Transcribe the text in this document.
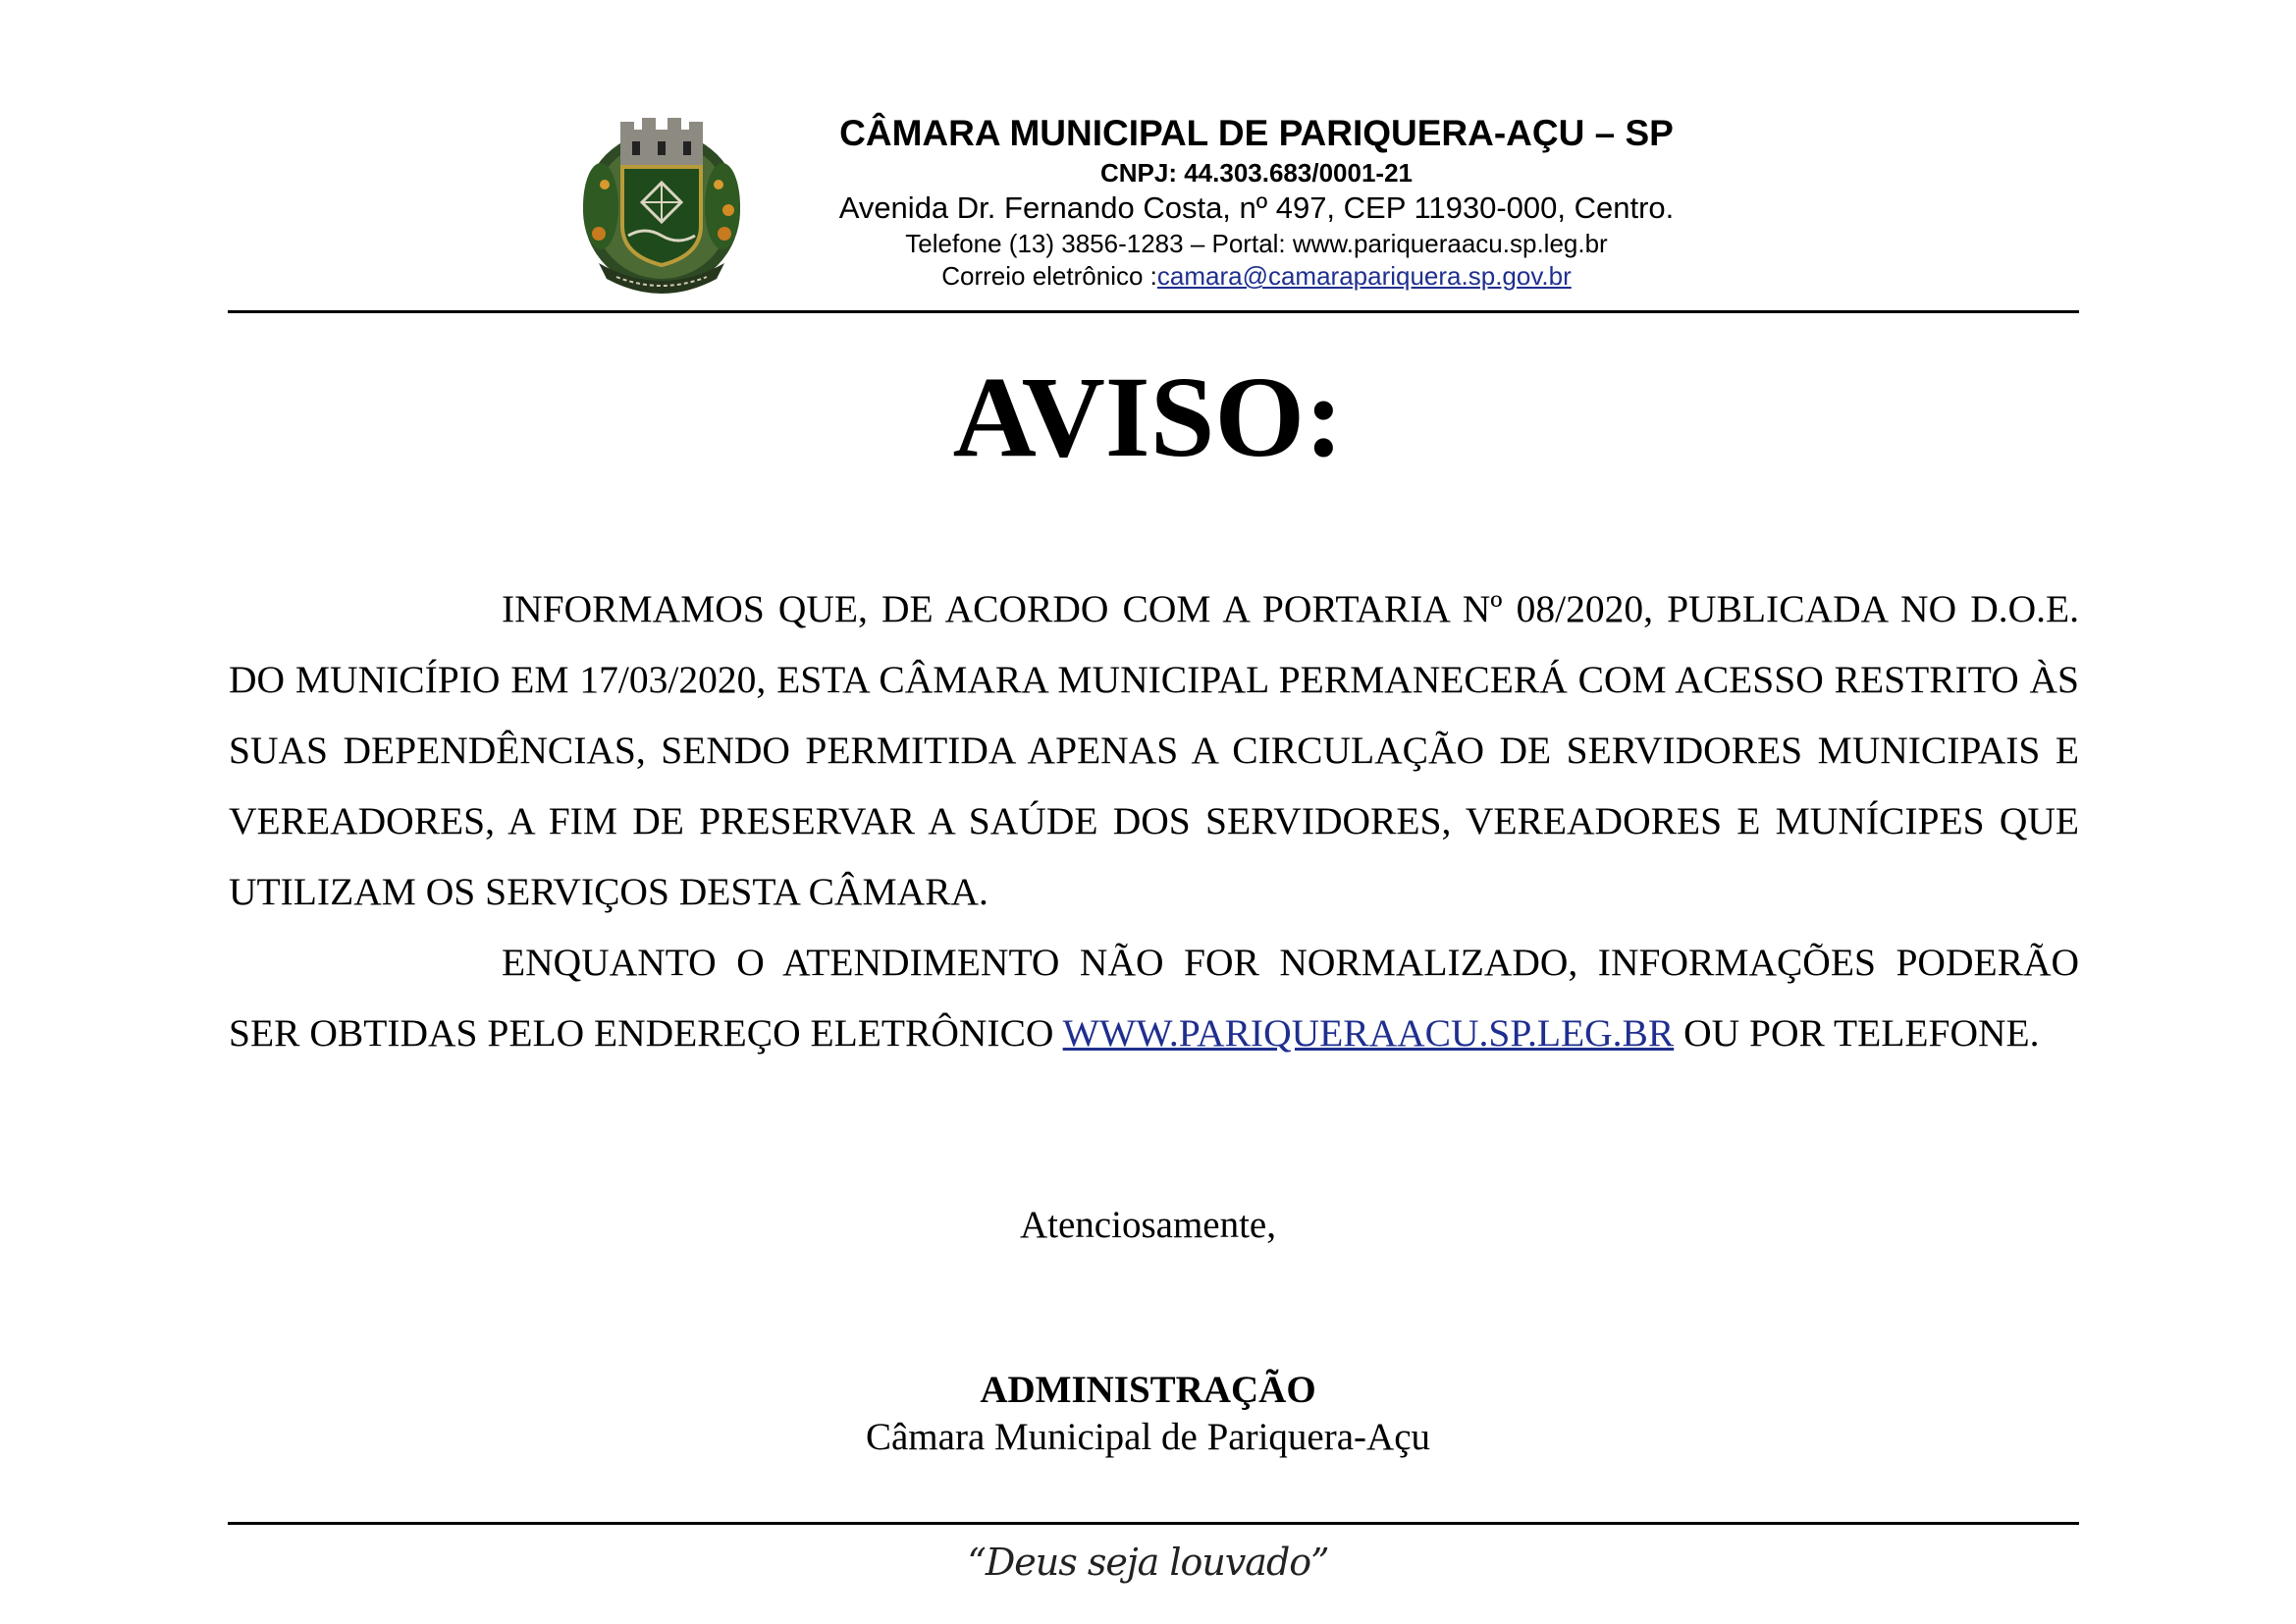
CÂMARA MUNICIPAL DE PARIQUERA-AÇU – SP
CNPJ: 44.303.683/0001-21
Avenida Dr. Fernando Costa, nº 497, CEP 11930-000, Centro.
Telefone (13) 3856-1283 – Portal: www.pariqueraacu.sp.leg.br
Correio eletrônico :camara@camarapariquera.sp.gov.br
AVISO:

INFORMAMOS QUE, DE ACORDO COM A PORTARIA Nº 08/2020, PUBLICADA NO D.O.E. DO MUNICÍPIO EM 17/03/2020, ESTA CÂMARA MUNICIPAL PERMANECERÁ COM ACESSO RESTRITO ÀS SUAS DEPENDÊNCIAS, SENDO PERMITIDA APENAS A CIRCULAÇÃO DE SERVIDORES MUNICIPAIS E VEREADORES, A FIM DE PRESERVAR A SAÚDE DOS SERVIDORES, VEREADORES E MUNÍCIPES QUE UTILIZAM OS SERVIÇOS DESTA CÂMARA.

ENQUANTO O ATENDIMENTO NÃO FOR NORMALIZADO, INFORMAÇÕES PODERÃO SER OBTIDAS PELO ENDEREÇO ELETRÔNICO WWW.PARIQUERAACU.SP.LEG.BR OU POR TELEFONE.

Atenciosamente,
ADMINISTRAÇÃO
Câmara Municipal de Pariquera-Açu
“Deus seja louvado”
